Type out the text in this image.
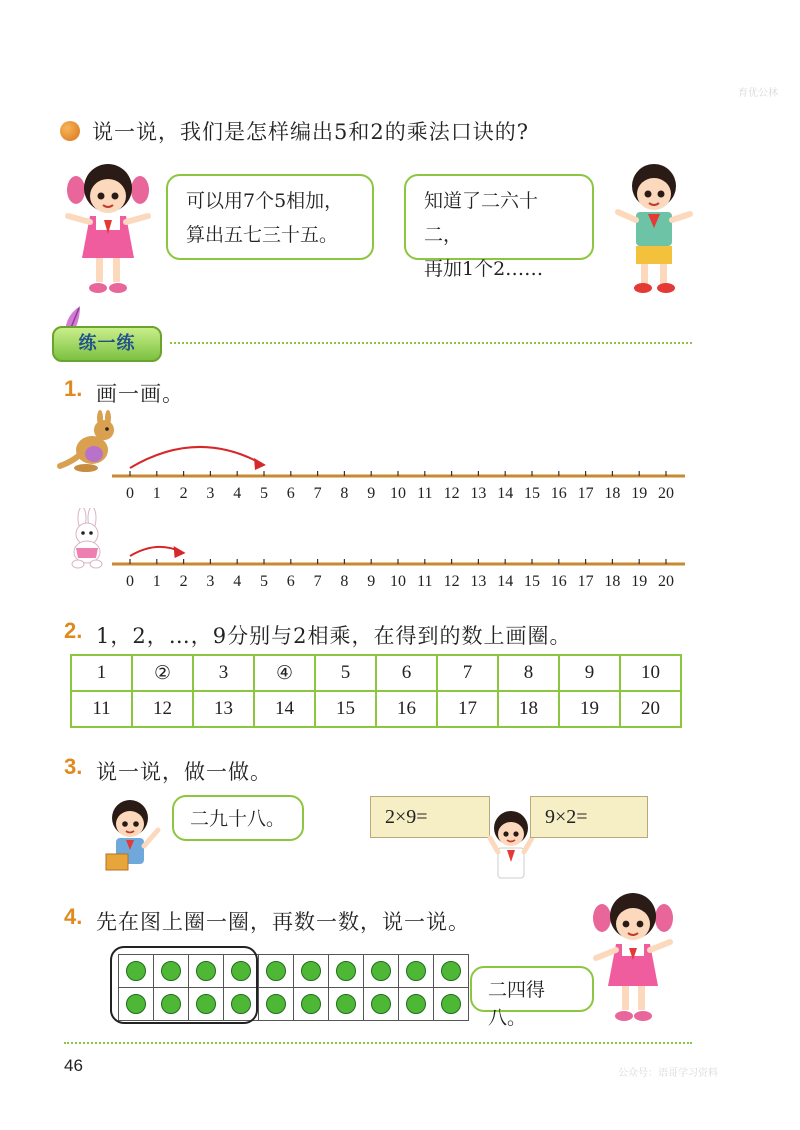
育优公林
说一说，我们是怎样编出5和2的乘法口诀的?
可以用7个5相加，
算出五七三十五。
知道了二六十二，
再加1个2……
练一练
1. 画一画。
0 1 2 3 4 5 6 7 8 9 10 11 12 13 14 15 16 17 18 19 20
0 1 2 3 4 5 6 7 8 9 10 11 12 13 14 15 16 17 18 19 20
2. 1，2，…，9分别与2相乘，在得到的数上画圈。
1	②	3	④	5	6	7	8	9	10
11	12	13	14	15	16	17	18	19	20
3. 说一说，做一做。
二九十八。	2×9=	9×2=
4. 先在图上圈一圈，再数一数，说一说。

二四得八。
46	公众号：语哥学习资料
